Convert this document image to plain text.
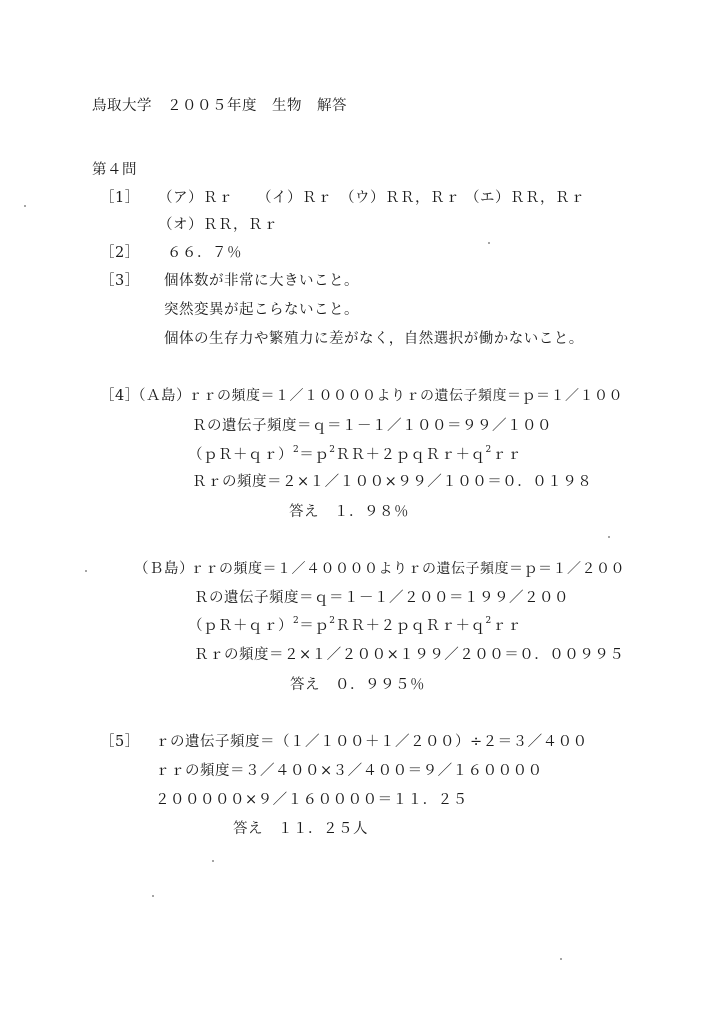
鳥取大学　２００５年度　生物　解答
第４問
［1］ （ア）Ｒｒ （イ）Ｒｒ （ウ）ＲＲ，Ｒｒ （エ）ＲＲ，Ｒｒ
（オ）ＲＲ，Ｒｒ
［2］ ６６．７％
［3］ 個体数が非常に大きいこと。
突然変異が起こらないこと。
個体の生存力や繁殖力に差がなく，自然選択が働かないこと。
［4］
（Ａ島）
ｒｒの頻度＝１／１００００よりｒの遺伝子頻度＝ｐ＝１／１００
Ｒの遺伝子頻度＝ｑ＝１－１／１００＝９９／１００
（ｐＲ＋ｑｒ）$^2$＝ｐ$^2$ＲＲ＋２ｐｑＲｒ＋ｑ$^2$ｒｒ
Ｒｒの頻度＝２×１／１００×９９／１００＝０．０１９８
答え　１．９８％
（Ｂ島）
ｒｒの頻度＝１／４００００よりｒの遺伝子頻度＝ｐ＝１／２００
Ｒの遺伝子頻度＝ｑ＝１－１／２００＝１９９／２００
（ｐＲ＋ｑｒ）$^2$＝ｐ$^2$ＲＲ＋２ｐｑＲｒ＋ｑ$^2$ｒｒ
Ｒｒの頻度＝２×１／２００×１９９／２００＝０．００９９５
答え　０．９９５％
［5］ ｒの遺伝子頻度＝（１／１００＋１／２００）÷２＝３／４００
ｒｒの頻度＝３／４００×３／４００＝９／１６００００
２０００００×９／１６００００＝１１．２５
答え　１１．２５人
